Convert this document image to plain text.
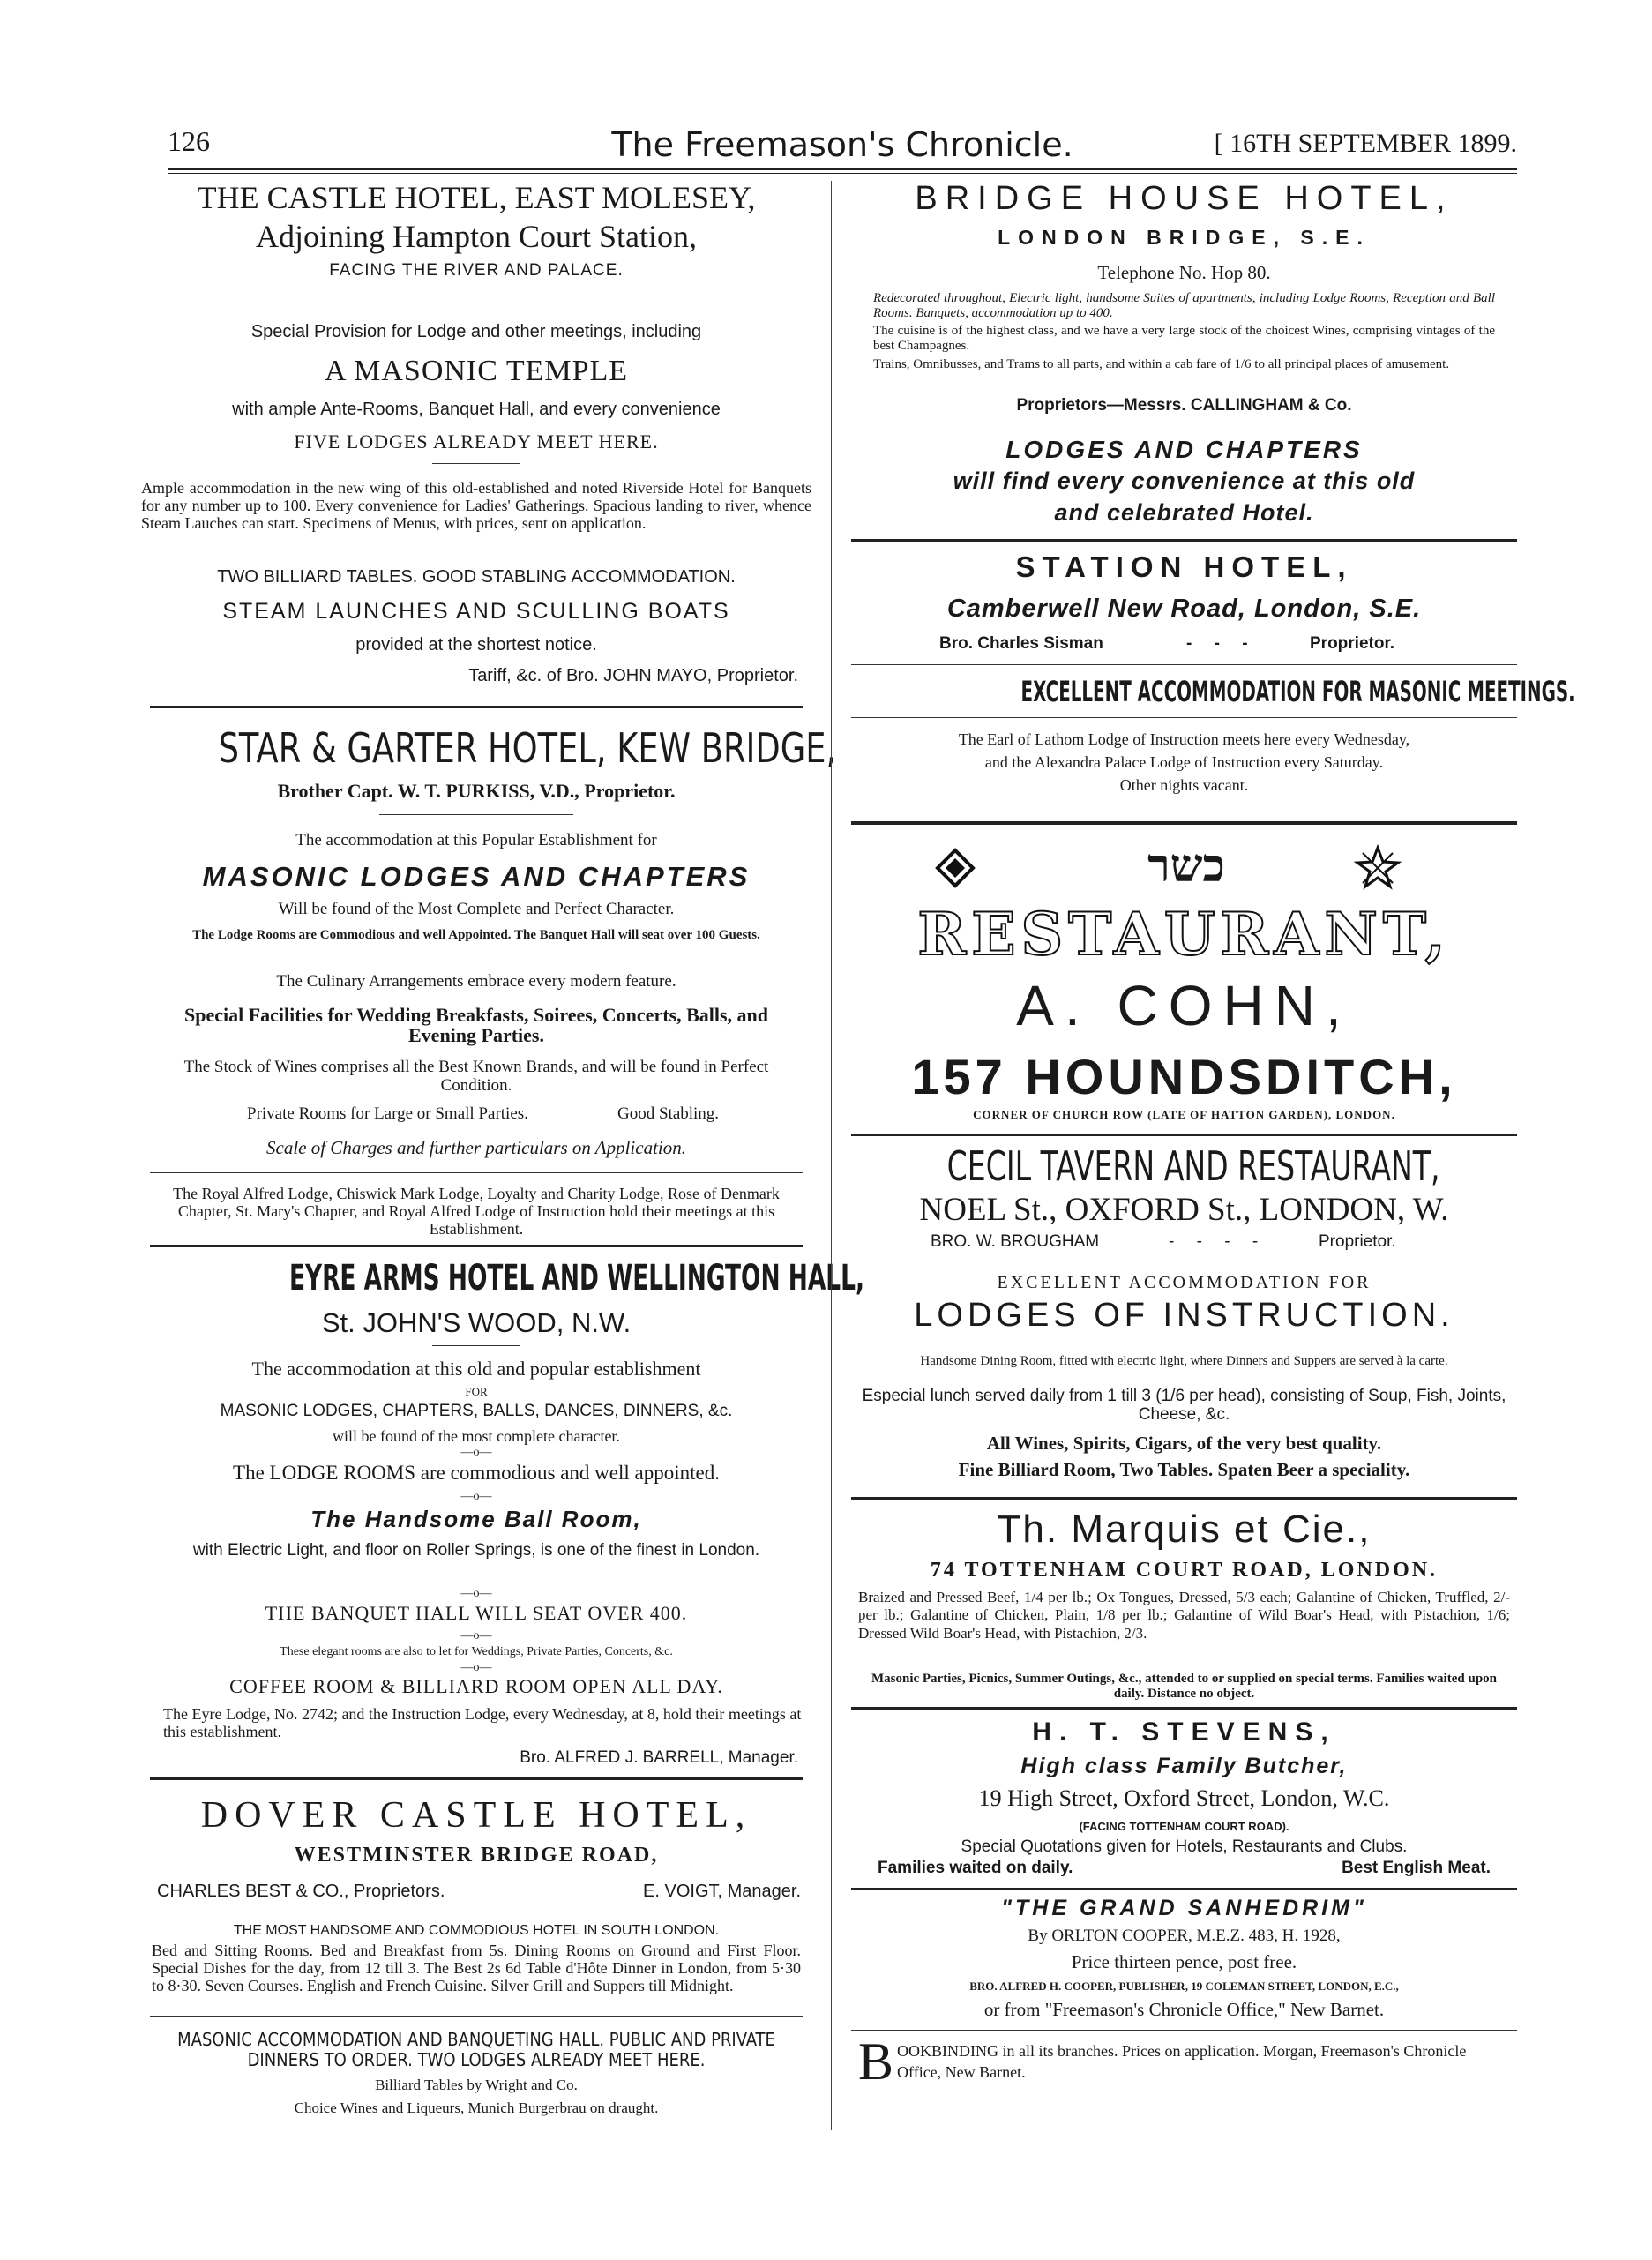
126	The Freemason's Chronicle.	[ 16TH SEPTEMBER 1899.
THE CASTLE HOTEL, EAST MOLESEY,
Adjoining Hampton Court Station,
FACING THE RIVER AND PALACE.
Special Provision for Lodge and other meetings, including
A MASONIC TEMPLE
with ample Ante-Rooms, Banquet Hall, and every convenience
FIVE LODGES ALREADY MEET HERE.
Ample accommodation in the new wing of this old-established and noted Riverside Hotel for Banquets for any number up to 100. Every convenience for Ladies' Gatherings. Spacious landing to river, whence Steam Lauches can start. Specimens of Menus, with prices, sent on application.
TWO BILLIARD TABLES. GOOD STABLING ACCOMMODATION.
STEAM LAUNCHES AND SCULLING BOATS
provided at the shortest notice.
Tariff, &c. of Bro. JOHN MAYO, Proprietor.
STAR & GARTER HOTEL, KEW BRIDGE,
Brother Capt. W. T. PURKISS, V.D., Proprietor.
The accommodation at this Popular Establishment for
MASONIC LODGES AND CHAPTERS
Will be found of the Most Complete and Perfect Character.
The Lodge Rooms are Commodious and well Appointed. The Banquet Hall will seat over 100 Guests.
The Culinary Arrangements embrace every modern feature.
Special Facilities for Wedding Breakfasts, Soirees, Concerts, Balls, and Evening Parties.
The Stock of Wines comprises all the Best Known Brands, and will be found in Perfect Condition.
Private Rooms for Large or Small Parties.	Good Stabling.
Scale of Charges and further particulars on Application.
The Royal Alfred Lodge, Chiswick Mark Lodge, Loyalty and Charity Lodge, Rose of Denmark Chapter, St. Mary's Chapter, and Royal Alfred Lodge of Instruction hold their meetings at this Establishment.
EYRE ARMS HOTEL AND WELLINGTON HALL,
St. JOHN'S WOOD, N.W.
The accommodation at this old and popular establishment
FOR
MASONIC LODGES, CHAPTERS, BALLS, DANCES, DINNERS, &c.
will be found of the most complete character.
—o—
The LODGE ROOMS are commodious and well appointed.
—o—
The Handsome Ball Room,
with Electric Light, and floor on Roller Springs, is one of the finest in London.
—o—
THE BANQUET HALL WILL SEAT OVER 400.
—o—
These elegant rooms are also to let for Weddings, Private Parties, Concerts, &c.
—o—
COFFEE ROOM & BILLIARD ROOM OPEN ALL DAY.
The Eyre Lodge, No. 2742; and the Instruction Lodge, every Wednesday, at 8, hold their meetings at this establishment.
Bro. ALFRED J. BARRELL, Manager.
DOVER CASTLE HOTEL,
WESTMINSTER BRIDGE ROAD,
CHARLES BEST & CO., Proprietors.	E. VOIGT, Manager.
THE MOST HANDSOME AND COMMODIOUS HOTEL IN SOUTH LONDON.
Bed and Sitting Rooms. Bed and Breakfast from 5s. Dining Rooms on Ground and First Floor. Special Dishes for the day, from 12 till 3. The Best 2s 6d Table d'Hôte Dinner in London, from 5·30 to 8·30. Seven Courses. English and French Cuisine. Silver Grill and Suppers till Midnight.
MASONIC ACCOMMODATION AND BANQUETING HALL. PUBLIC AND PRIVATE DINNERS TO ORDER. TWO LODGES ALREADY MEET HERE.
Billiard Tables by Wright and Co.
Choice Wines and Liqueurs, Munich Burgerbrau on draught.
BRIDGE HOUSE HOTEL,
LONDON BRIDGE, S.E.
Telephone No. Hop 80.
Redecorated throughout, Electric light, handsome Suites of apartments, including Lodge Rooms, Reception and Ball Rooms. Banquets, accommodation up to 400.
The cuisine is of the highest class, and we have a very large stock of the choicest Wines, comprising vintages of the best Champagnes.
Trains, Omnibusses, and Trams to all parts, and within a cab fare of 1/6 to all principal places of amusement.
Proprietors—Messrs. CALLINGHAM & Co.
LODGES AND CHAPTERS
will find every convenience at this old
and celebrated Hotel.
STATION HOTEL,
Camberwell New Road, London, S.E.
Bro. Charles Sisman	- - -	Proprietor.
EXCELLENT ACCOMMODATION FOR MASONIC MEETINGS.
The Earl of Lathom Lodge of Instruction meets here every Wednesday,
and the Alexandra Palace Lodge of Instruction every Saturday.
Other nights vacant.
כשר
RESTAURANT,
A. COHN,
157 HOUNDSDITCH,
CORNER OF CHURCH ROW (LATE OF HATTON GARDEN), LONDON.
CECIL TAVERN AND RESTAURANT,
NOEL St., OXFORD St., LONDON, W.
BRO. W. BROUGHAM	- - - -	Proprietor.
EXCELLENT ACCOMMODATION FOR
LODGES OF INSTRUCTION.
Handsome Dining Room, fitted with electric light, where Dinners and Suppers are served à la carte.
Especial lunch served daily from 1 till 3 (1/6 per head), consisting of Soup, Fish, Joints, Cheese, &c.
All Wines, Spirits, Cigars, of the very best quality.
Fine Billiard Room, Two Tables. Spaten Beer a speciality.
Th. Marquis et Cie.,
74 TOTTENHAM COURT ROAD, LONDON.
Braized and Pressed Beef, 1/4 per lb.; Ox Tongues, Dressed, 5/3 each; Galantine of Chicken, Truffled, 2/- per lb.; Galantine of Chicken, Plain, 1/8 per lb.; Galantine of Wild Boar's Head, with Pistachion, 1/6; Dressed Wild Boar's Head, with Pistachion, 2/3.
Masonic Parties, Picnics, Summer Outings, &c., attended to or supplied on special terms. Families waited upon daily. Distance no object.
H. T. STEVENS,
High class Family Butcher,
19 High Street, Oxford Street, London, W.C.
(FACING TOTTENHAM COURT ROAD).
Special Quotations given for Hotels, Restaurants and Clubs.
Families waited on daily.	Best English Meat.
"THE GRAND SANHEDRIM"
By ORLTON COOPER, M.E.Z. 483, H. 1928,
Price thirteen pence, post free.
BRO. ALFRED H. COOPER, PUBLISHER, 19 COLEMAN STREET, LONDON, E.C.,
or from "Freemason's Chronicle Office," New Barnet.
B OOKBINDING in all its branches. Prices on application. Morgan, Freemason's Chronicle Office, New Barnet.
